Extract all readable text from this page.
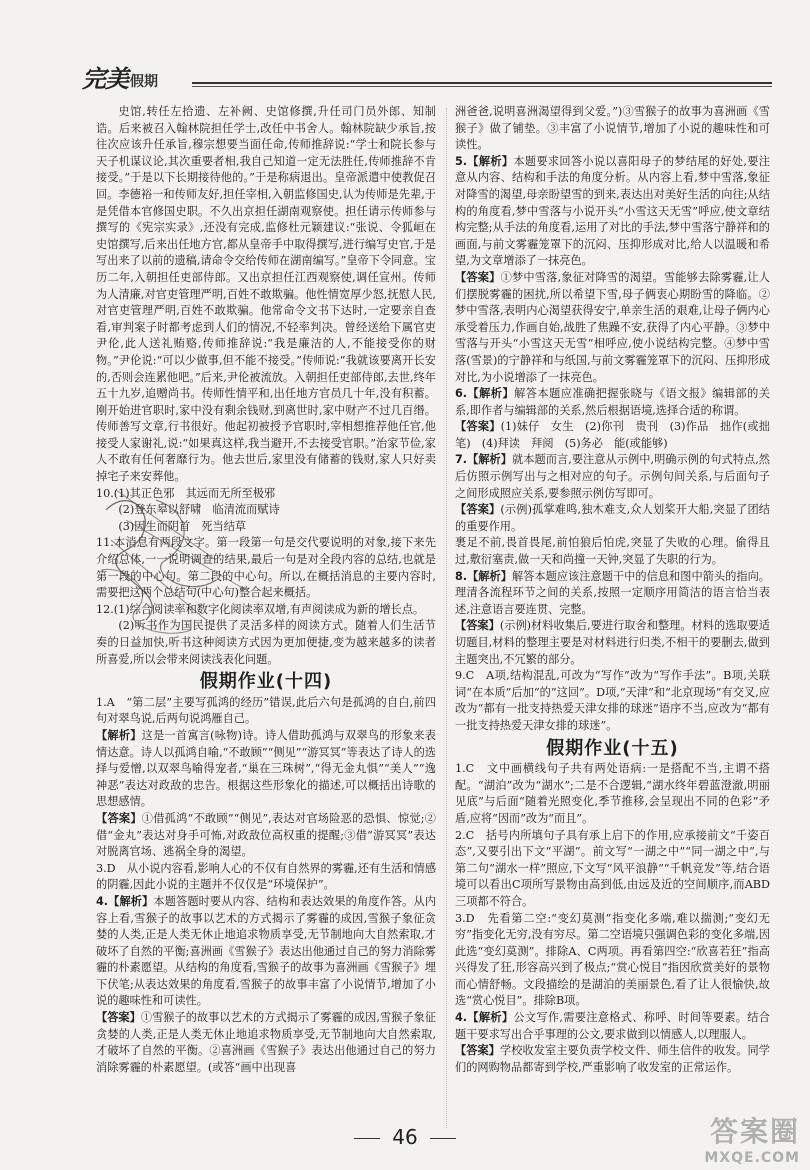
完美 假期

史馆,转任左拾遗、左补阙、史馆修撰,升任司门员外郎、知制诰。后来被召入翰林院担任学士,改任中书舍人。翰林院缺少承旨,按往次应该升任承旨,穆宗想要当面任命,传师推辞说:“学士和院长参与天子机谋议论,其次重要者相,我自己知道一定无法胜任,传师推辞不肯接受。”于是以下长期接待他的。”于是称病退出。皇帝派遣中使教促召回。李德裕一和传师友好,担任宰相,入朝监修国史,认为传师是先辈,于是凭借本官修国史职。不久出京担任湖南观察使。担任请示传师参与撰写的《宪宗实录》,还没有完成,监修杜元颖建议:“张说、令狐峘在史馆撰写,后来出任地方官,都从皇帝手中取得撰写,进行编写史官,于是写出来了以前的遗稿,请命令交给传师在湖南编写。”皇帝下令同意。宝历二年,入朝担任吏部侍郎。又出京担任江西观察使,调任宣州。传师为人清廉,对官吏管理严明,百姓不敢欺骗。他性情宽厚少怒,抚慰人民,对官吏管理严明,百姓不敢欺骗。他常命令文书下达时,一定要亲自查看,审判案子时都考虑到人们的情况,不轻率判决。曾经送给下属官吏尹伦,此人送礼贿赂,传师推辞说:“我是廉洁的人,不能接受你的财物。”尹伦说:“可以少做事,但不能不接受。”传师说:“我就该要离开长安的,否则会连累他吧。”后来,尹伦被流放。入朝担任吏部侍郎,去世,终年五十九岁,追赠尚书。传师性情平和,出任地方官员几十年,没有积蓄。刚开始进官职时,家中没有剩余钱财,到离世时,家中财产不过几百缗。传师善写文章,行书很好。他起初被授予官职时,宰相想推荐他任官,他接受人家谢礼,说:“如果真这样,我当避开,不去接受官职。”治家节俭,家人不敢有任何奢靡行为。他去世后,家里没有储蓄的钱财,家人只好卖掉宅子来安葬他。

10.(1)其正色邪　其远而无所至极邪

(2)登东皋以舒啸　临清流而赋诗

(3)因生而阴首　死当结草

11.本消息有两段文字。第一段第一句是交代要说明的对象,接下来先介绍总体,一一说明调查的结果,最后一句是对全段内容的总结,也就是第一段的中心句。第二段的中心句。所以,在概括消息的主要内容时,需要把这两个总结句(中心句)整合起来概括。

12.(1)综合阅读率和数字化阅读率双增,有声阅读成为新的增长点。

(2)听书作为国民提供了灵活多样的阅读方式。随着人们生活节奏的日益加快,听书这种阅读方式因为更加便捷,变为越来越多的读者所喜爱,所以会带来阅读浅表化问题。

假期作业(十四)

1.A　“第二层”主要写孤鸿的经历”错误,此后六句是孤鸿的自白,前四句对翠鸟说,后两句说鸿雁自己。

【解析】这是一首寓言(咏物)诗。诗人借助孤鸿与双翠鸟的形象来表情达意。诗人以孤鸿自喻,“不敢顾”“侧见”“游冥冥”等表达了诗人的选择与爱憎,以双翠鸟喻得宠者,“巢在三珠树”,“得无金丸惧”“美人”“逸神恶”表达对政敌的忠告。根据这些形象化的描述,可以概括出诗歌的思想感情。

【答案】①借孤鸿“不敢顾”“侧见”,表达对官场险恶的恐惧、惊觉;②借“金丸”表达对身手可怖,对政敌位高权重的提醒;③借“游冥冥”表达对脱离官场、逃祸全身的渴望。

3.D　从小说内容看,影响人心的不仅有自然界的雾霾,还有生活和情感的阴霾,因此小说的主题并不仅仅是“环境保护”。

4.【解析】本题答题时要从内容、结构和表达效果的角度作答。从内容上看,雪猴子的故事以艺术的方式揭示了雾霾的成因,雪猴子象征贪婪的人类,正是人类无休止地追求物质享受,无节制地向大自然索取,才破坏了自然的平衡;喜洲画《雪猴子》表达出他通过自己的努力消除雾霾的朴素愿望。从结构的角度看,雪猴子的故事为喜洲画《雪猴子》埋下伏笔;从表达效果的角度看,雪猴子的故事丰富了小说情节,增加了小说的趣味性和可读性。

【答案】①雪猴子的故事以艺术的方式揭示了雾霾的成因,雪猴子象征贪婪的人类,正是人类无休止地追求物质享受,无节制地向大自然索取,才破坏了自然的平衡。②喜洲画《雪猴子》表达出他通过自己的努力消除雾霾的朴素愿望。(或答“画中出现喜

洲爸爸,说明喜洲渴望得到父爱。”)③雪猴子的故事为喜洲画《雪猴子》做了铺垫。③丰富了小说情节,增加了小说的趣味性和可读性。

5.【解析】本题要求回答小说以喜阳母子的梦结尾的好处,要注意从内容、结构和手法的角度分析。从内容上看,梦中雪落,象征对降雪的渴望,母亲盼望雪的到来,表达出对美好生活的向往;从结构的角度看,梦中雪落与小说开头“小雪这天无雪”呼应,使文章结构完整;从手法的角度看,运用了对比的手法,梦中雪落宁静祥和的画面,与前文雾霾笼罩下的沉闷、压抑形成对比,给人以温暖和希望,为文章增添了一抹亮色。

【答案】①梦中雪落,象征对降雪的渴望。雪能够去除雾霾,让人们摆脱雾霾的困扰,所以希望下雪,母子俩衷心期盼雪的降临。②梦中雪落,表明内心渴望获得安宁,单亲生活的艰难,让母子俩内心承受着压力,作画自始,战胜了焦躁不安,获得了内心平静。③梦中雪落与开头“小雪这天无雪”相呼应,使小说结构完整。④梦中雪落(雪景)的宁静祥和与纸国,与前文雾霾笼罩下的沉闷、压抑形成对比,为小说增添了一抹亮色。

6.【解析】解答本题应准确把握张晓与《语文报》编辑部的关系,即作者与编辑部的关系,然后根据语境,选择合适的称谓。

【答案】(1)妹仔　女生　(2)你刊　贵刊　(3)作品　拙作(或拙笔)　(4)拜读　拜阅　(5)务必　能(或能够)

7.【解析】就本题而言,要注意从示例中,明确示例的句式特点,然后仿照示例写出与之相对应的句子。示例句间关系,与后面句子之间形成照应关系,要参照示例仿写即可。

【答案】(示例)孤掌难鸣,独木难支,众人划桨开大船,突显了团结的重要作用。

裹足不前,畏首畏尾,前怕狼后怕虎,突显了失败的心理。偷得且过,敷衍塞责,做一天和尚撞一天钟,突显了失职的行为。

8.【解析】解答本题应该注意题干中的信息和图中箭头的指向。理清各流程环节之间的关系,按照一定顺序用简洁的语言恰当表述,注意语言要连贯、完整。

【答案】(示例)材料收集后,要进行取舍和整理。材料的选取要适切题目,材料的整理主要是对材料进行归类,不相干的要删去,做到主题突出,不冗繁的部分。

9.C　A项,结构混乱,可改为“写作”改为“写作手法”。B项,关联词“在本质”后加“的”这回”。D项,“天津”和“北京现场”有交叉,应改为“都有一批支持热爱天津女排的球迷”语序不当,应改为“都有一批支持热爱天津女排的球迷”。

假期作业(十五)

1.C　文中画横线句子共有两处语病:一是搭配不当,主谓不搭配。“湖泊”改为“湖水”;二是不合逻辑,“湖水终年碧蓝澄澈,明丽见底”与后面“随着光照变化,季节推移,会呈现出不同的色彩”矛盾,应将“因而”改为“而且”。

2.C　括号内所填句子具有承上启下的作用,应承接前文“千姿百态”,又要引出下文“平湖”。前文写“一湖之中”“同一湖之中”,与第二句“湖水一样”照应,下文写“风平浪静”“千帆竞发”等,结合语境可以看出C项所写景物由高到低,由远及近的空间顺序,而ABD三项都不符合。

3.D　先看第二空:“变幻莫测”指变化多端,难以揣测;“变幻无穷”指变化无穷,没有穷尽。第二空语境只强调色彩的变化多端,因此选“变幻莫测”。排除A、C两项。再看第四空:“欣喜若狂”指高兴得发了狂,形容高兴到了极点;“赏心悦目”指因欣赏美好的景物而心情舒畅。文段描绘的是湖泊的美丽景色,看了让人很愉快,故选“赏心悦目”。排除B项。

4.【解析】公文写作,需要注意格式、称呼、时间等要素。结合题干要求写出合乎事理的公文,要求做到以情感人,以理服人。

【答案】学校收发室主要负责学校文件、师生信件的收发。同学们的网购物品都寄到学校,严重影响了收发室的正常运作。

46	答案圈
MXQE.COM
